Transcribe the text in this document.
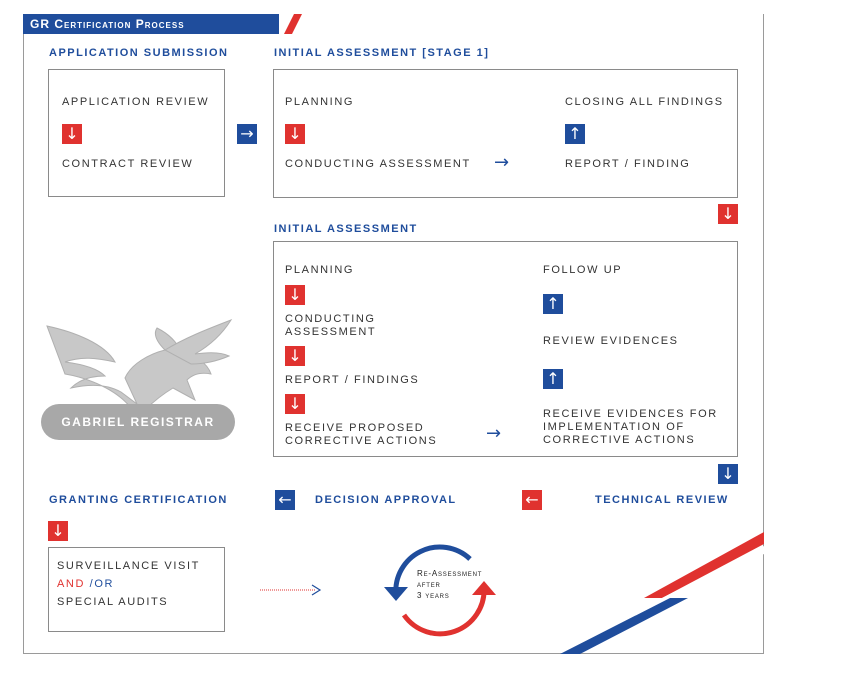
GR Certification Process
APPLICATION SUBMISSION	INITIAL ASSESSMENT [STAGE 1]
INITIAL ASSESSMENT
GRANTING CERTIFICATION	DECISION APPROVAL	TECHNICAL REVIEW
APPLICATION REVIEW
↓
CONTRACT REVIEW
→
PLANNING
↓
CONDUCTING ASSESSMENT →
CLOSING ALL FINDINGS
↑
REPORT / FINDING
↓
PLANNING
↓
CONDUCTING
ASSESSMENT
↓
REPORT / FINDINGS
↓
RECEIVE PROPOSED
CORRECTIVE ACTIONS	→
FOLLOW UP
↑
REVIEW EVIDENCES
↑
RECEIVE EVIDENCES FOR
IMPLEMENTATION OF
CORRECTIVE ACTIONS
↓
←	←
↓
SURVEILLANCE VISIT
AND /OR
SPECIAL AUDITS
Re-Assessment
after
3 years
GABRIEL REGISTRAR
